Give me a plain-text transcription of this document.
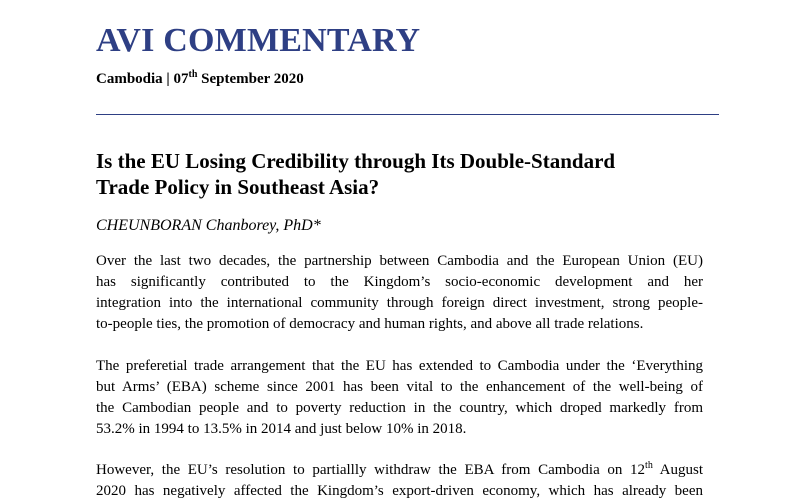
AVI COMMENTARY
Cambodia | 07th September 2020
Is the EU Losing Credibility through Its Double-Standard
Trade Policy in Southeast Asia?
CHEUNBORAN Chanborey, PhD*

Over the last two decades, the partnership between Cambodia and the European Union (EU)
has significantly contributed to the Kingdom’s socio-economic development and her
integration into the international community through foreign direct investment, strong people-
to-people ties, the promotion of democracy and human rights, and above all trade relations.

The preferetial trade arrangement that the EU has extended to Cambodia under the ‘Everything
but Arms’ (EBA) scheme since 2001 has been vital to the enhancement of the well-being of
the Cambodian people and to poverty reduction in the country, which droped markedly from
53.2% in 1994 to 13.5% in 2014 and just below 10% in 2018.

However, the EU’s resolution to partiallly withdraw the EBA from Cambodia on 12th August
2020 has negatively affected the Kingdom’s export-driven economy, which has already been
